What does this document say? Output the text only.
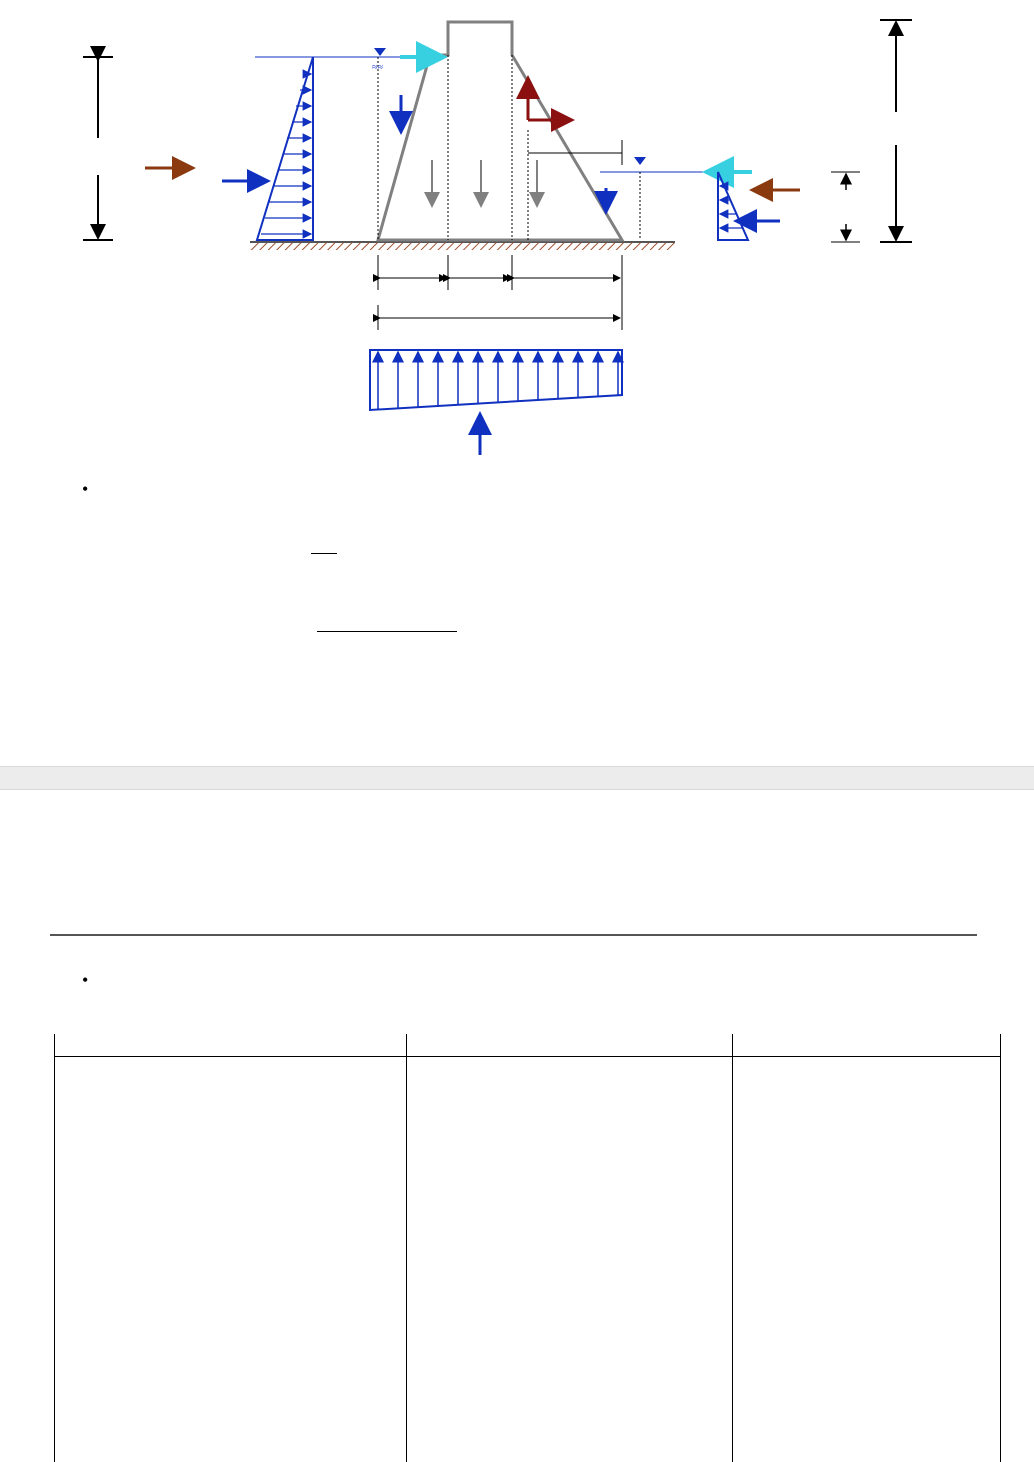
≈≈
•
•
